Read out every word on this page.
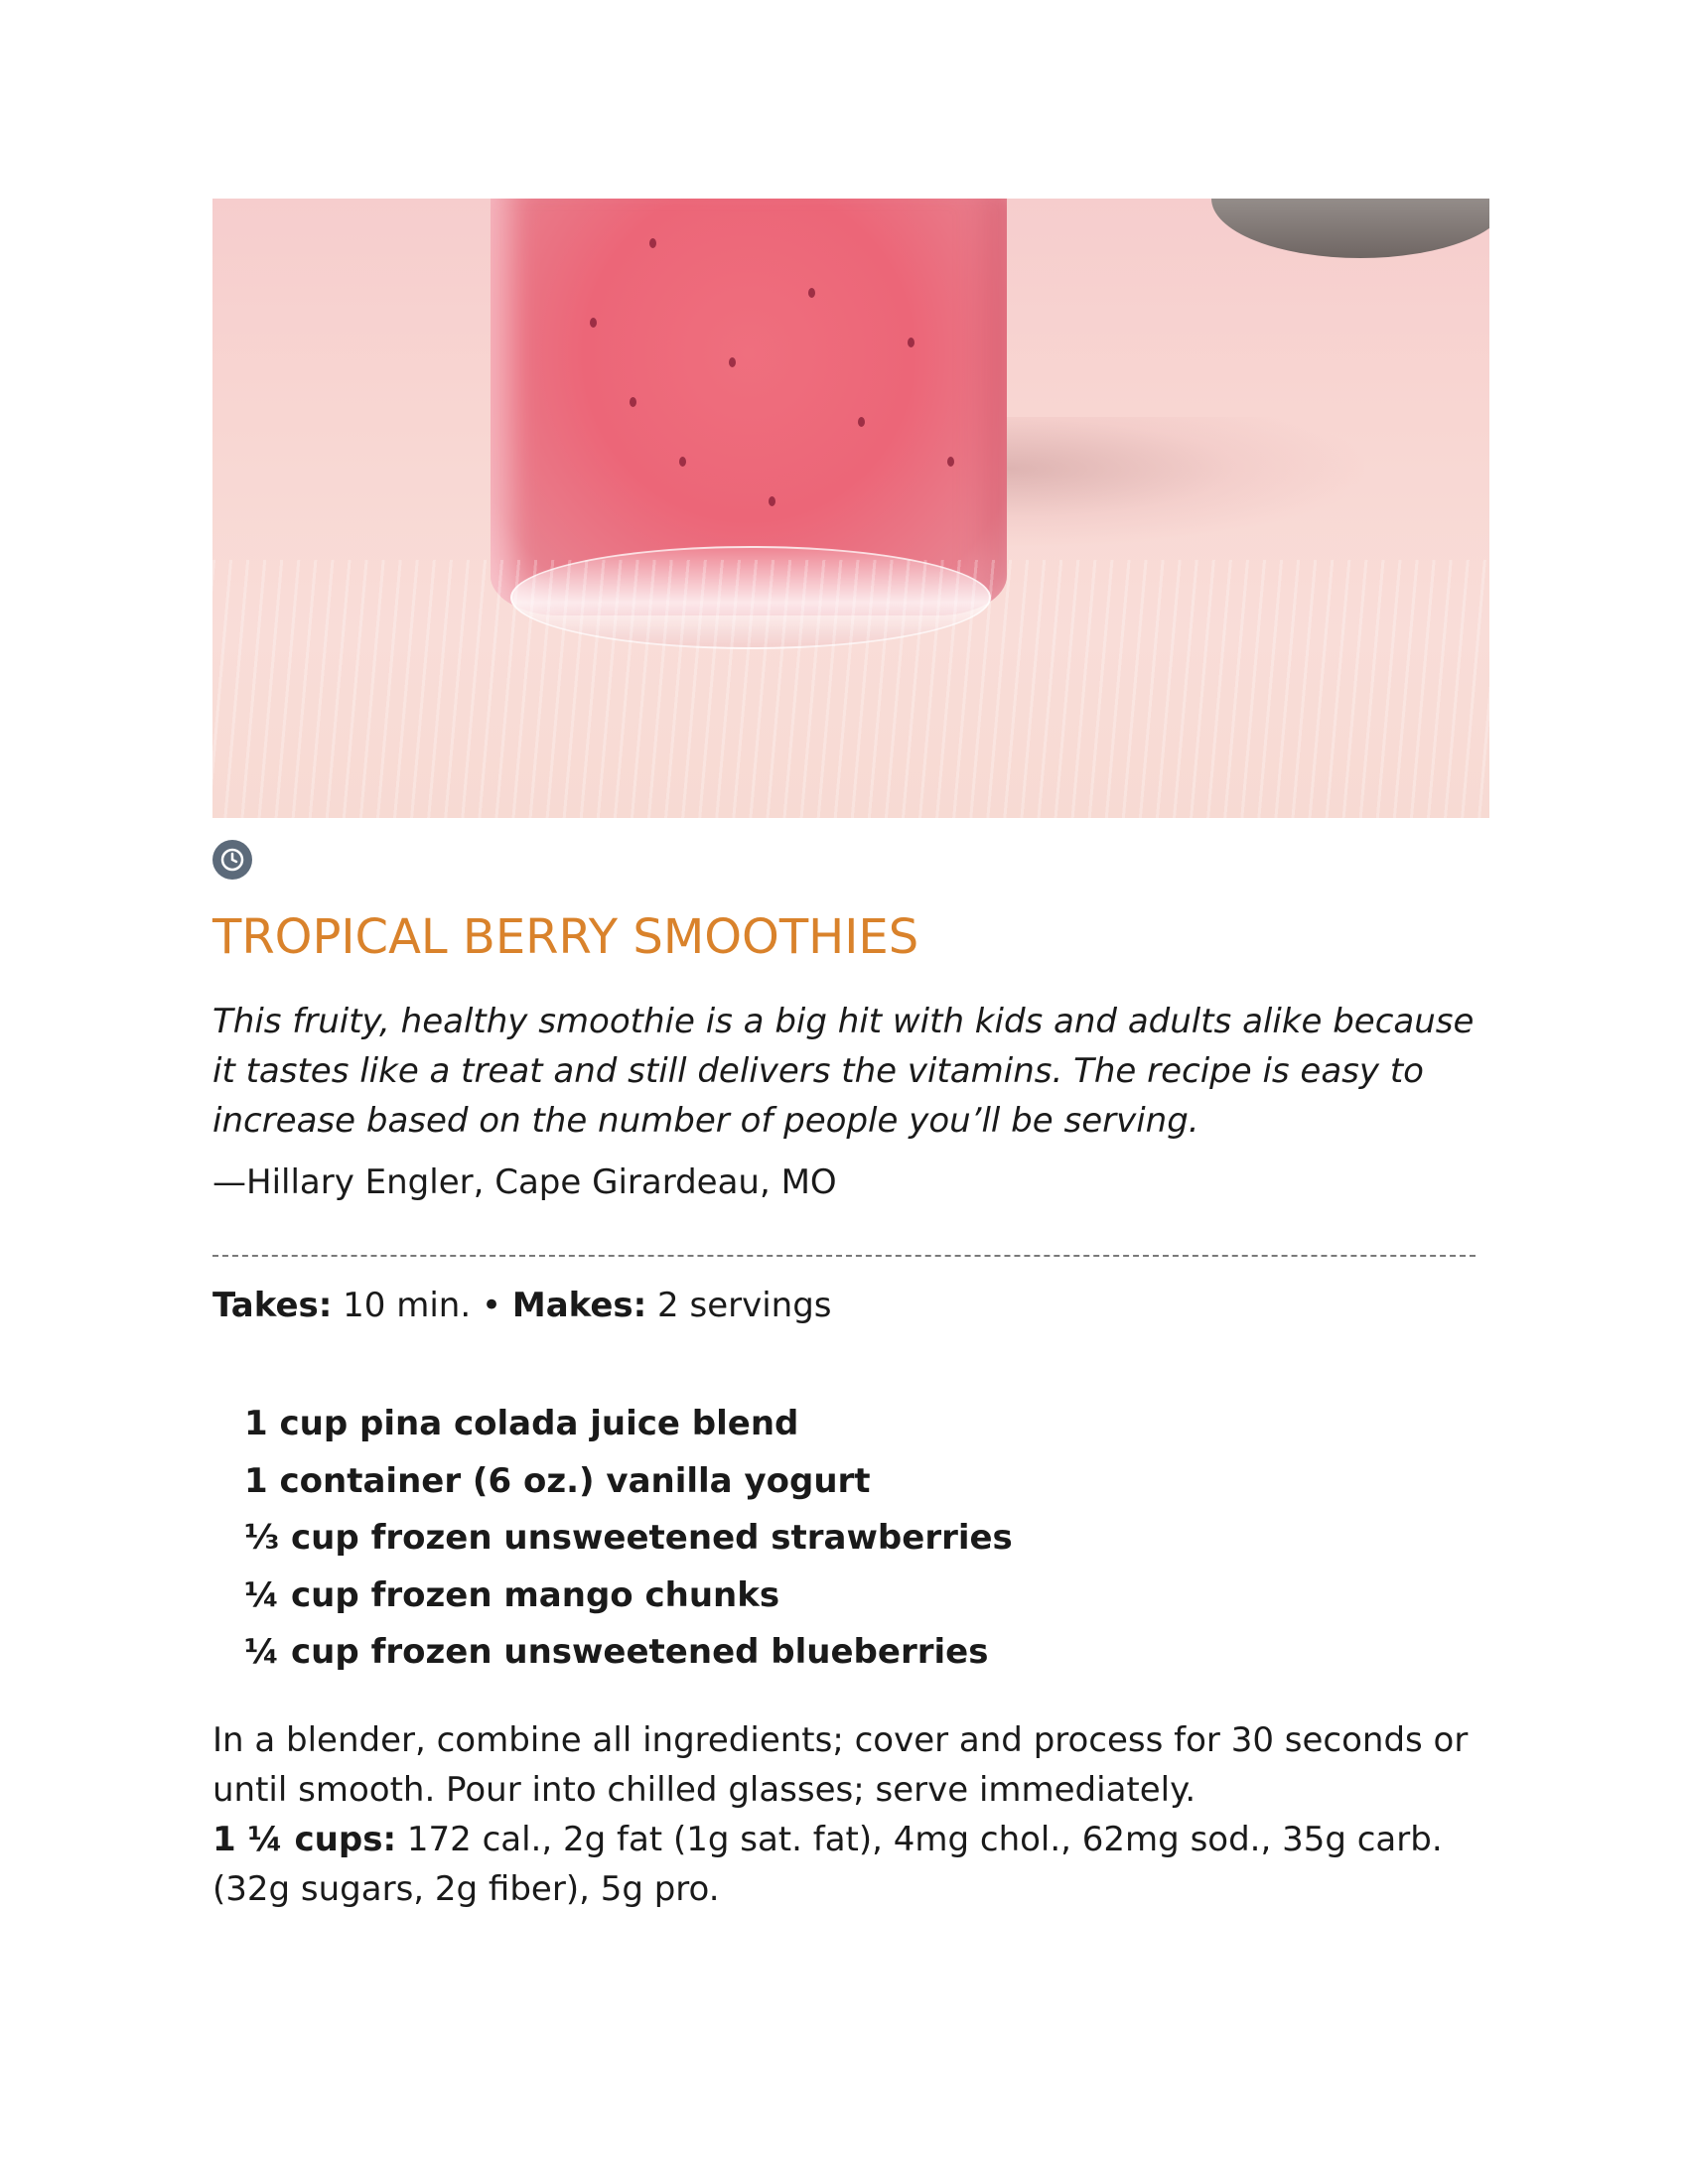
TROPICAL BERRY SMOOTHIES

This fruity, healthy smoothie is a big hit with kids and adults alike because it tastes like a treat and still delivers the vitamins. The recipe is easy to increase based on the number of people you’ll be serving.

—Hillary Engler, Cape Girardeau, MO

Takes: 10 min. • Makes: 2 servings

1 cup pina colada juice blend
1 container (6 oz.) vanilla yogurt
⅓ cup frozen unsweetened strawberries
¼ cup frozen mango chunks
¼ cup frozen unsweetened blueberries

In a blender, combine all ingredients; cover and process for 30 seconds or until smooth. Pour into chilled glasses; serve immediately.

1 ¼ cups: 172 cal., 2g fat (1g sat. fat), 4mg chol., 62mg sod., 35g carb. (32g sugars, 2g fiber), 5g pro.
